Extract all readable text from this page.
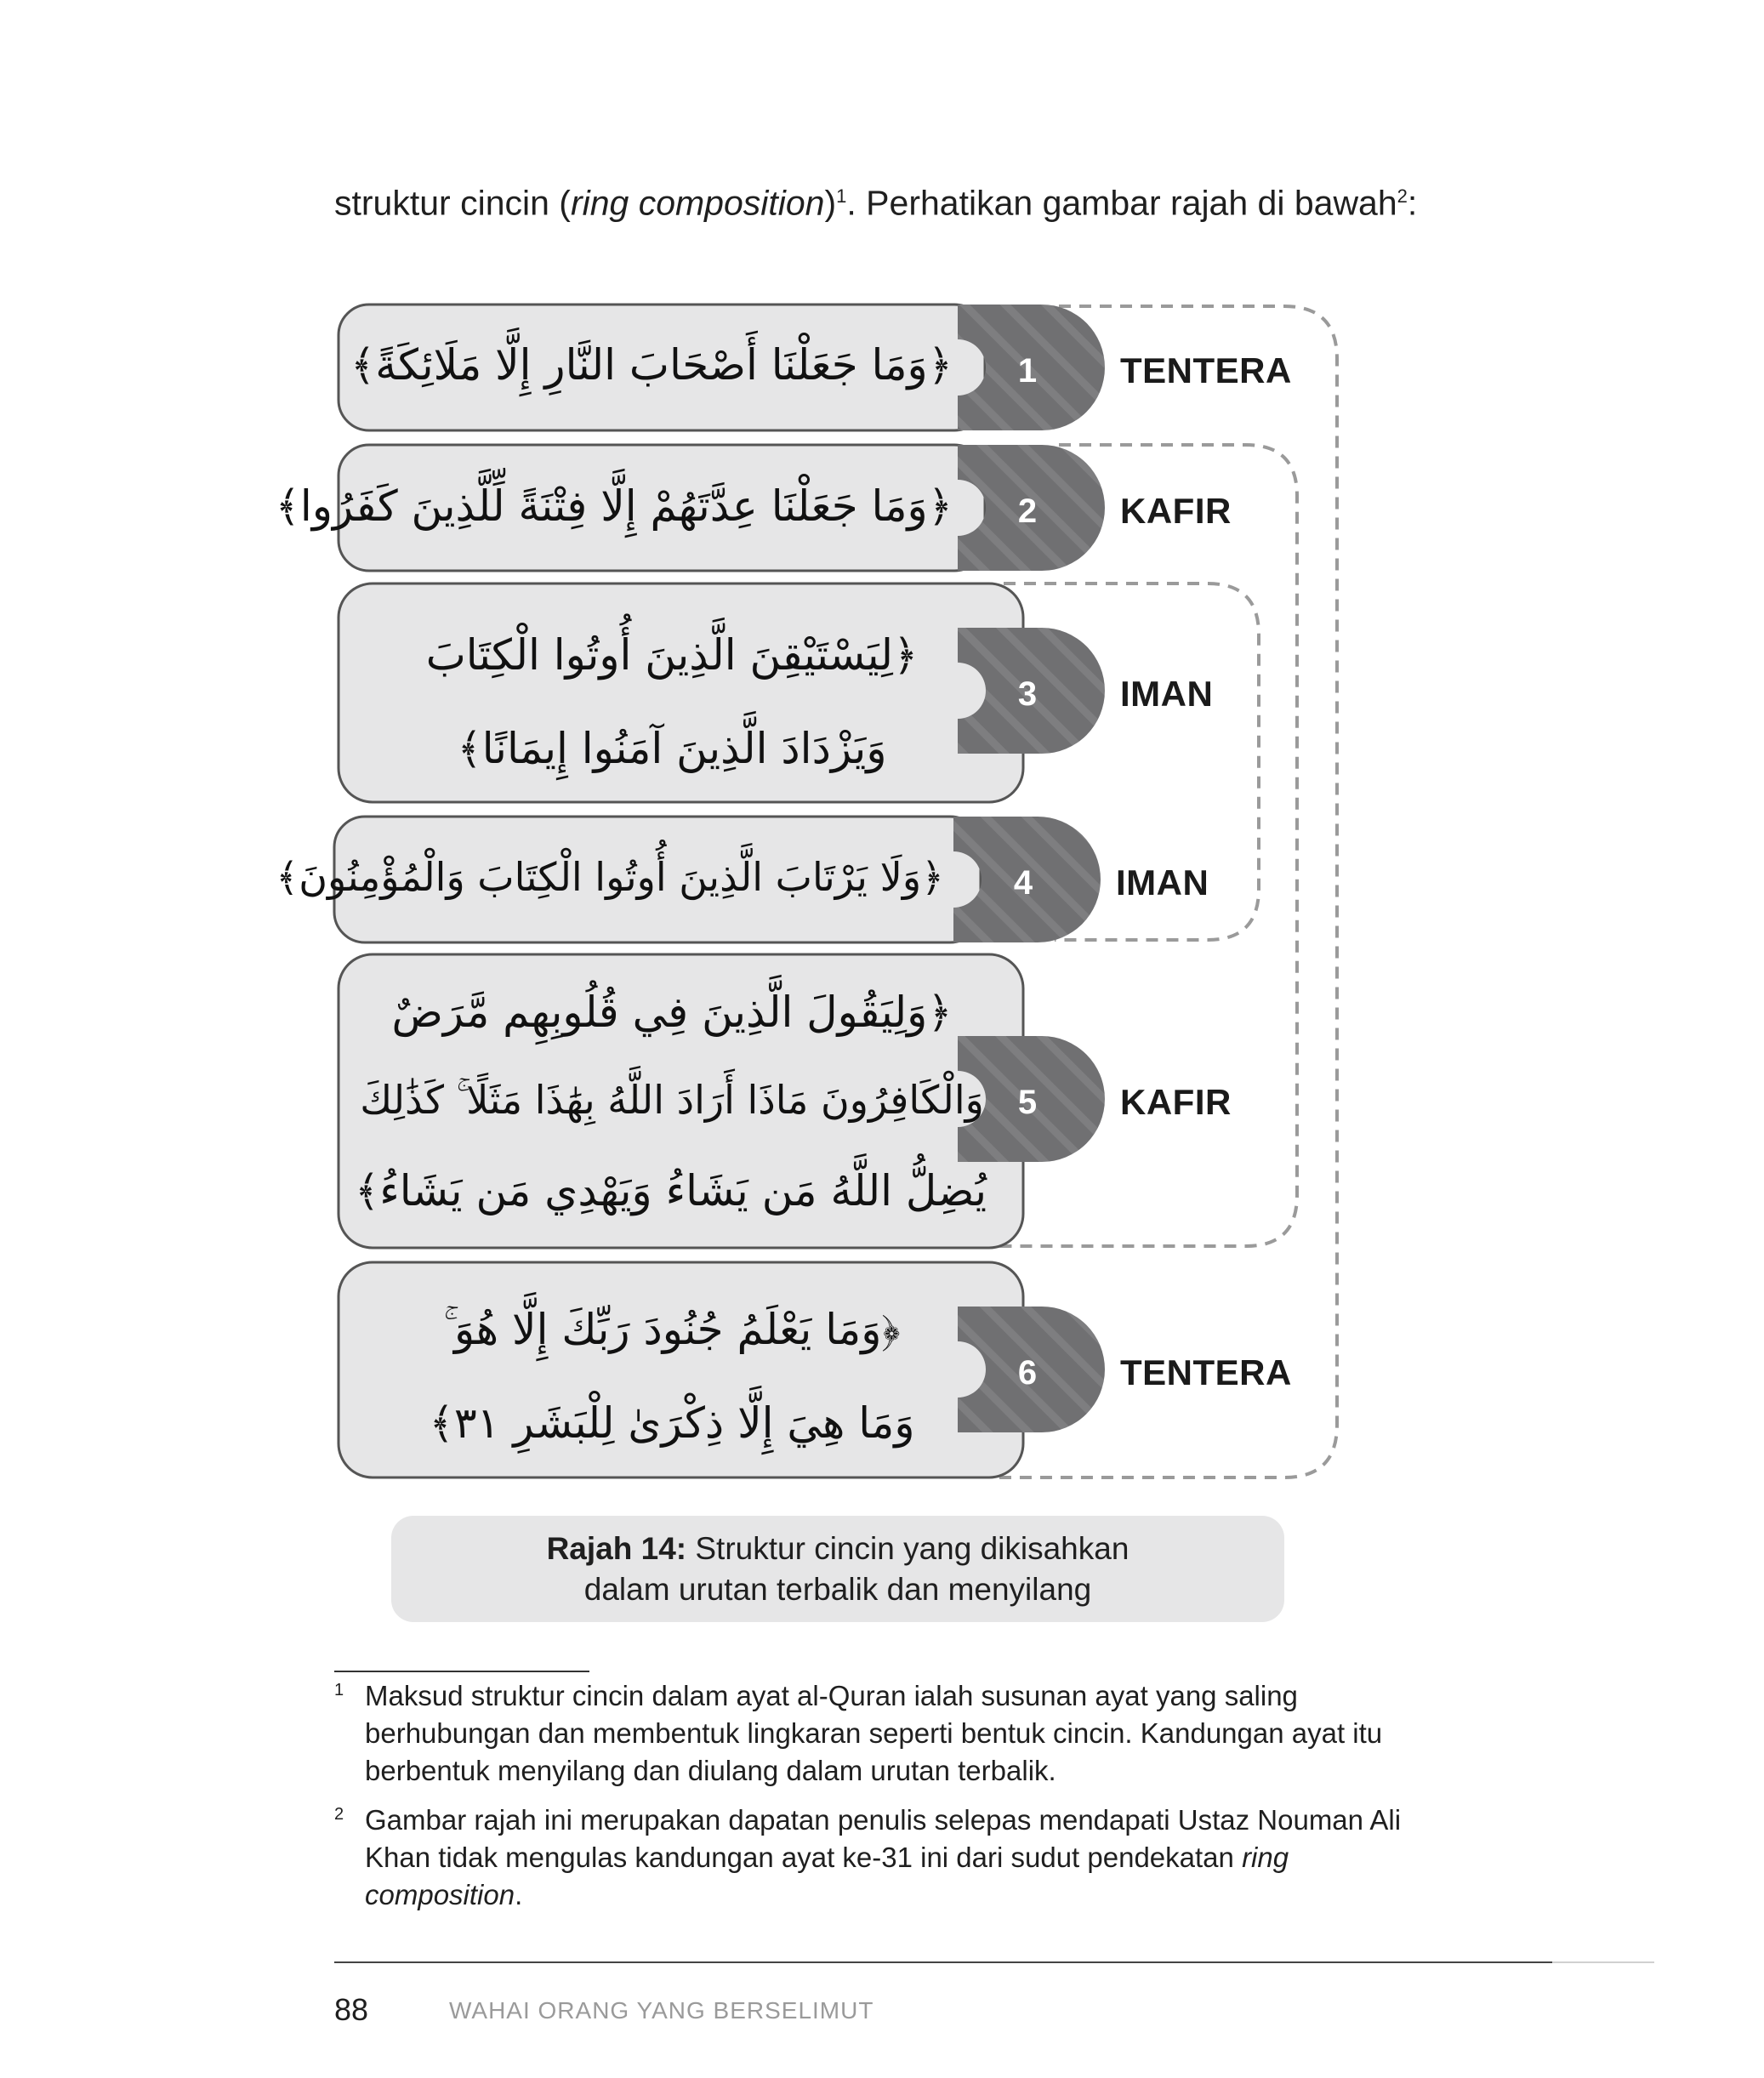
struktur cincin (ring composition)$^1$. Perhatikan gambar rajah di bawah$^2$:
﴿وَمَا جَعَلْنَا أَصْحَابَ النَّارِ إِلَّا مَلَائِكَةً﴾
﴿وَمَا جَعَلْنَا عِدَّتَهُمْ إِلَّا فِتْنَةً لِّلَّذِينَ كَفَرُوا﴾
﴿لِيَسْتَيْقِنَ الَّذِينَ أُوتُوا الْكِتَابَ
وَيَزْدَادَ الَّذِينَ آمَنُوا إِيمَانًا﴾
﴿وَلَا يَرْتَابَ الَّذِينَ أُوتُوا الْكِتَابَ وَالْمُؤْمِنُونَ﴾
﴿وَلِيَقُولَ الَّذِينَ فِي قُلُوبِهِم مَّرَضٌ
وَالْكَافِرُونَ مَاذَا أَرَادَ اللَّهُ بِهَٰذَا مَثَلًا ۚ كَذَٰلِكَ
يُضِلُّ اللَّهُ مَن يَشَاءُ وَيَهْدِي مَن يَشَاءُ﴾
﴿وَمَا يَعْلَمُ جُنُودَ رَبِّكَ إِلَّا هُوَ ۚ
وَمَا هِيَ إِلَّا ذِكْرَىٰ لِلْبَشَرِ ٣١﴾
1
2
3
4
5
6
TENTERA
KAFIR
IMAN
IMAN
KAFIR
TENTERA
Rajah 14: Struktur cincin yang dikisahkan
dalam urutan terbalik dan menyilang
1 Maksud struktur cincin dalam ayat al-Quran ialah susunan ayat yang saling berhubungan dan membentuk lingkaran seperti bentuk cincin. Kandungan ayat itu berbentuk menyilang dan diulang dalam urutan terbalik.
2 Gambar rajah ini merupakan dapatan penulis selepas mendapati Ustaz Nouman Ali Khan tidak mengulas kandungan ayat ke-31 ini dari sudut pendekatan ring composition.
88	WAHAI ORANG YANG BERSELIMUT
